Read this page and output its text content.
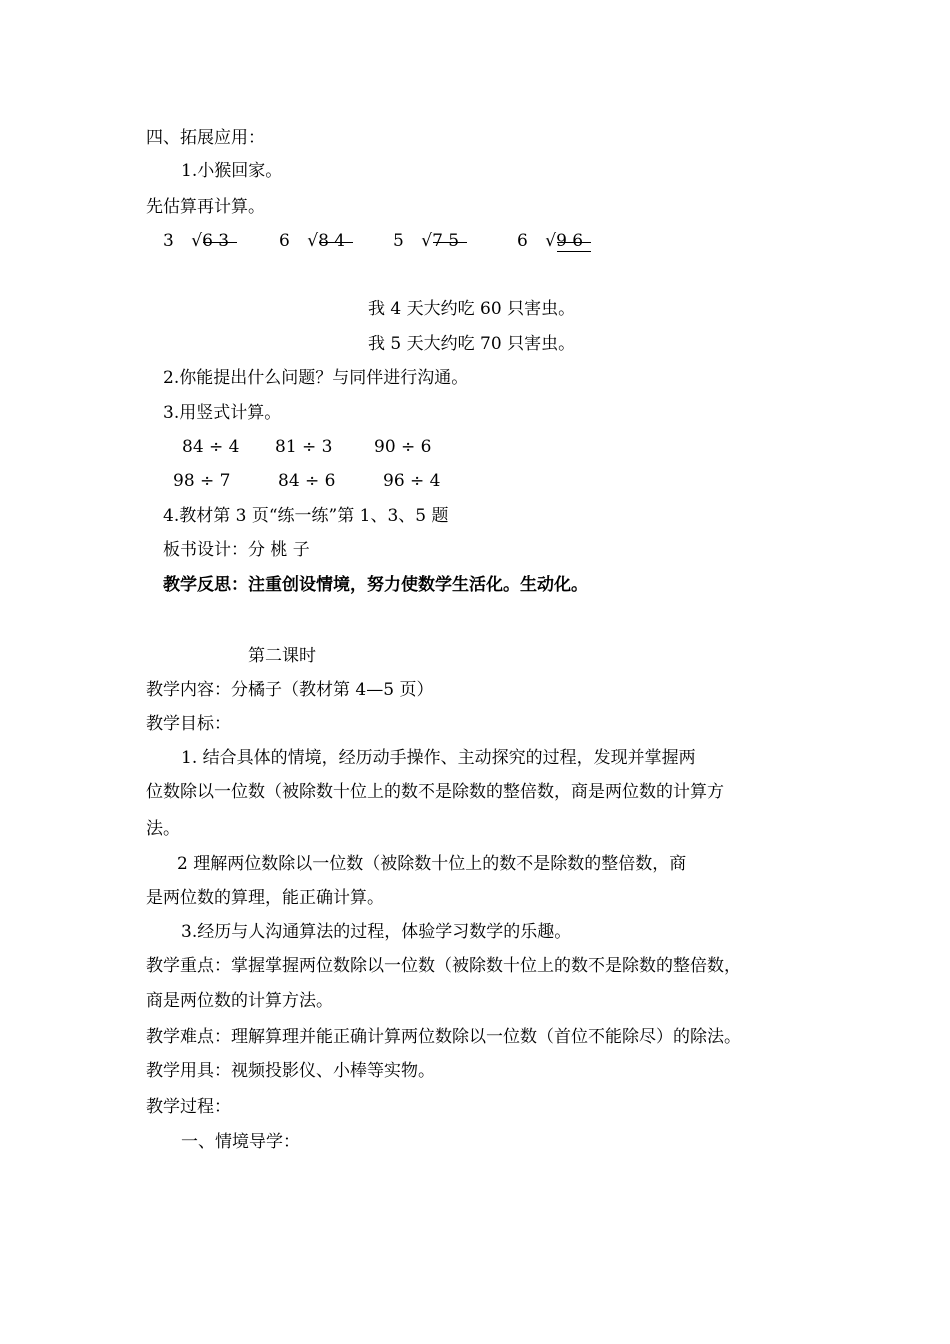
四、拓展应用：
1.小猴回家。
先估算再计算。
3 √6 3	6 √8 4	5 √7 5	6 √9 6
我 4 天大约吃 60 只害虫。
我 5 天大约吃 70 只害虫。
2.你能提出什么问题？与同伴进行沟通。
3.用竖式计算。
84 ÷ 4 81 ÷ 3 90 ÷ 6
98 ÷ 7	84 ÷ 6	96 ÷ 4
4.教材第 3 页“练一练”第 1、3、5 题
板书设计：分 桃 子
教学反思：注重创设情境，努力使数学生活化。生动化。
第二课时
教学内容：分橘子（教材第 4—5 页）
教学目标：
1. 结合具体的情境，经历动手操作、主动探究的过程，发现并掌握两
位数除以一位数（被除数十位上的数不是除数的整倍数，商是两位数的计算方
法。
2 理解两位数除以一位数（被除数十位上的数不是除数的整倍数，商
是两位数的算理，能正确计算。
3.经历与人沟通算法的过程，体验学习数学的乐趣。
教学重点：掌握掌握两位数除以一位数（被除数十位上的数不是除数的整倍数，
商是两位数的计算方法。
教学难点：理解算理并能正确计算两位数除以一位数（首位不能除尽）的除法。
教学用具：视频投影仪、小棒等实物。
教学过程：
一、情境导学：
